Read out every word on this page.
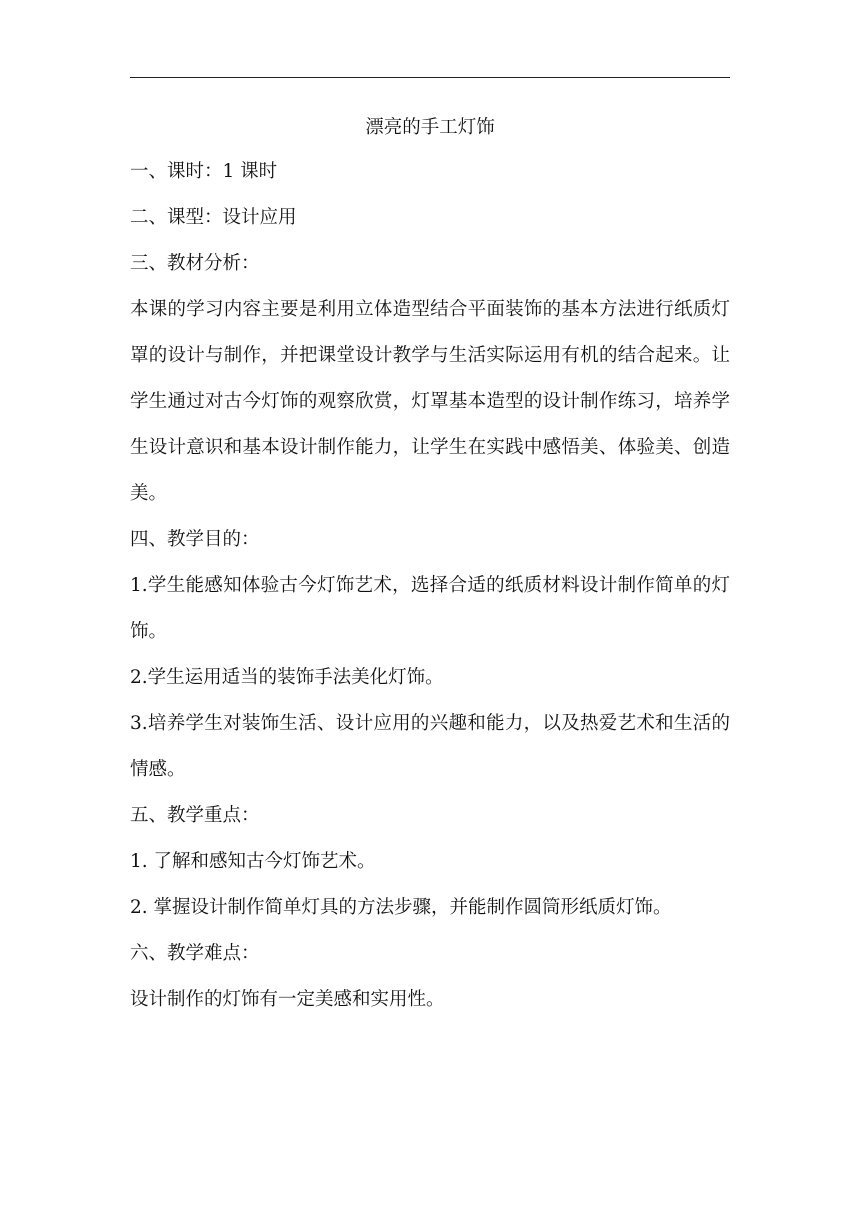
漂亮的手工灯饰

一、课时：1 课时

二、课型：设计应用

三、教材分析：

本课的学习内容主要是利用立体造型结合平面装饰的基本方法进行纸质灯罩的设计与制作，并把课堂设计教学与生活实际运用有机的结合起来。让学生通过对古今灯饰的观察欣赏，灯罩基本造型的设计制作练习，培养学生设计意识和基本设计制作能力，让学生在实践中感悟美、体验美、创造美。

四、教学目的：

1.学生能感知体验古今灯饰艺术，选择合适的纸质材料设计制作简单的灯饰。

2.学生运用适当的装饰手法美化灯饰。

3.培养学生对装饰生活、设计应用的兴趣和能力，以及热爱艺术和生活的情感。

五、教学重点：

1. 了解和感知古今灯饰艺术。

2. 掌握设计制作简单灯具的方法步骤，并能制作圆筒形纸质灯饰。

六、教学难点：

设计制作的灯饰有一定美感和实用性。
